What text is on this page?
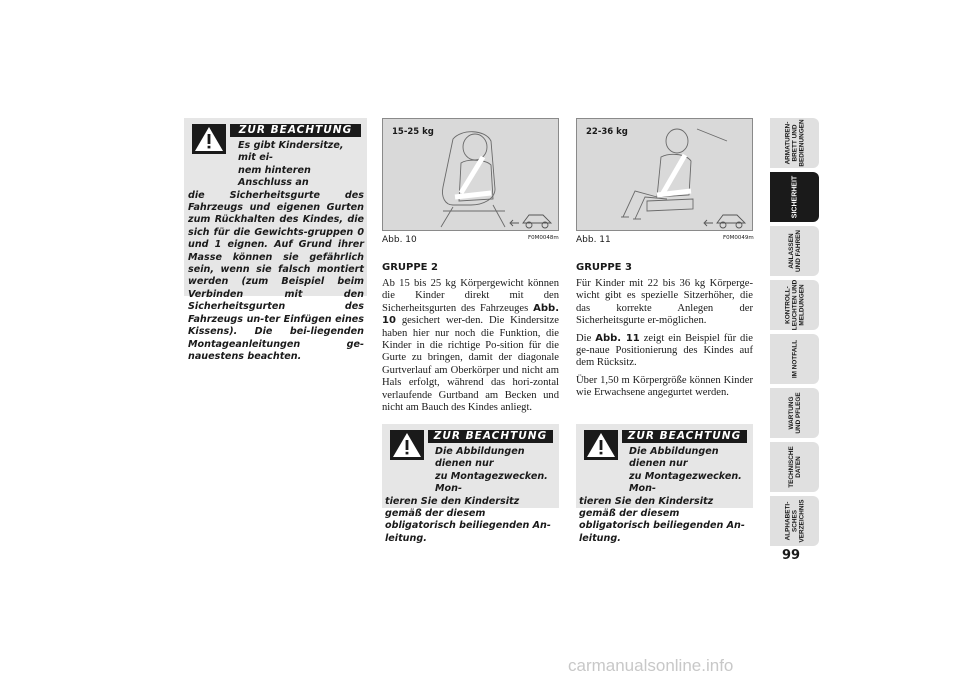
ZUR BEACHTUNG

Es gibt Kindersitze, mit ei-

nem hinteren Anschluss an

die Sicherheitsgurte des Fahrzeugs und eigenen Gurten zum Rückhalten des Kindes, die sich für die Gewichts-gruppen 0 und 1 eignen. Auf Grund ihrer Masse können sie gefährlich sein, wenn sie falsch montiert werden (zum Beispiel beim Verbinden mit den Sicherheitsgurten des Fahrzeugs un-ter Einfügen eines Kissens). Die bei-liegenden Montageanleitungen ge-nauestens beachten.

15-25 kg
Abb. 10	F0M0048m
22-36 kg
Abb. 11	F0M0049m
GRUPPE 2

Ab 15 bis 25 kg Körpergewicht können die Kinder direkt mit den Sicherheitsgurten des Fahrzeuges Abb. 10 gesichert wer-den. Die Kindersitze haben hier nur noch die Funktion, die Kinder in die richtige Po-sition für die Gurte zu bringen, damit der diagonale Gurtverlauf am Oberkörper und nicht am Hals erfolgt, während das hori-zontal verlaufende Gurtband am Becken und nicht am Bauch des Kindes anliegt.

GRUPPE 3

Für Kinder mit 22 bis 36 kg Körperge-wicht gibt es spezielle Sitzerhöher, die das korrekte Anlegen der Sicherheitsgurte er-möglichen.

Die Abb. 11 zeigt ein Beispiel für die ge-naue Positionierung des Kindes auf dem Rücksitz.

Über 1,50 m Körpergröße können Kinder wie Erwachsene angegurtet werden.

ZUR BEACHTUNG

Die Abbildungen dienen nur

zu Montagezwecken. Mon-

tieren Sie den Kindersitz gemäß der diesem obligatorisch beiliegenden An-leitung.

ZUR BEACHTUNG

Die Abbildungen dienen nur

zu Montagezwecken. Mon-

tieren Sie den Kindersitz gemäß der diesem obligatorisch beiliegenden An-leitung.

ARMATUREN- BRETT UND BEDIENUNGEN
SICHERHEIT
ANLASSEN UND FAHREN
KONTROLL- LEUCHTEN UND MELDUNGEN
IM NOTFALL
WARTUNG UND PFLEGE
TECHNISCHE DATEN
ALPHABETI- SCHES VERZEICHNIS
99
carmanualsonline.info
